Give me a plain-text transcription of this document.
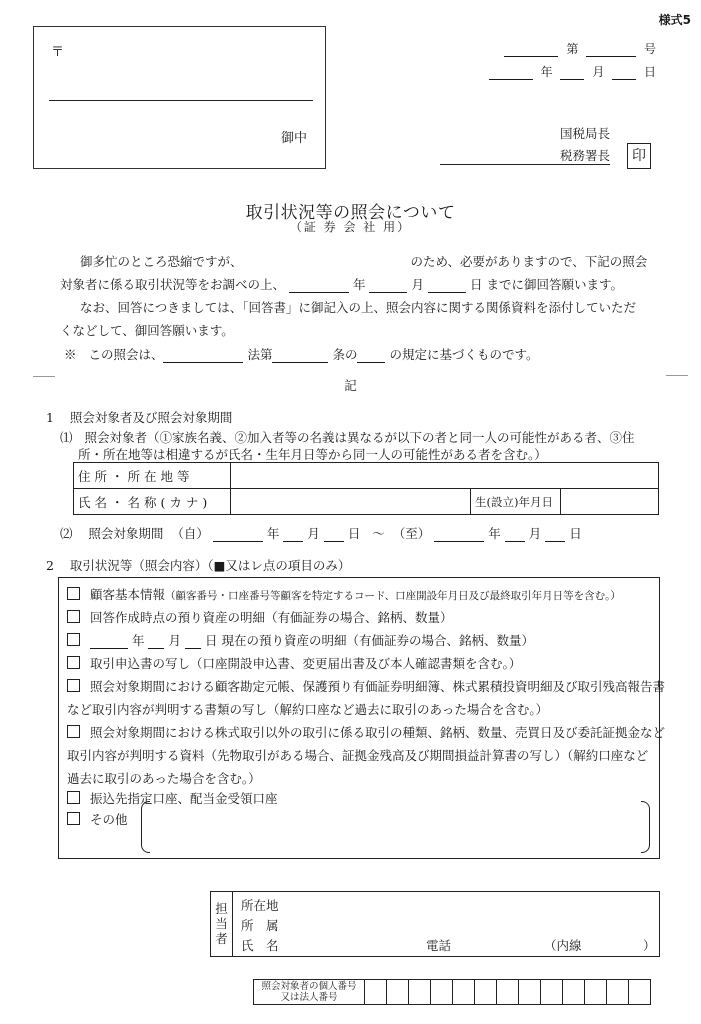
様式5
〒
御中
第	号
年	月	日
国税局長
税務署長	印
取引状況等の照会について
（証 券 会 社 用）
御多忙のところ恐縮ですが、	のため、必要がありますので、下記の照会
対象者に係る取引状況等をお調べの上、	年	月	日 までに御回答願います。
なお、回答につきましては、「回答書」に御記入の上、照会内容に関する関係資料を添付していただ
くなどして、御回答願います。
※ この照会は、	法第	条の	の規定に基づくものです。
記
1 照会対象者及び照会対象期間
⑴ 照会対象者（①家族名義、②加入者等の名義は異なるが以下の者と同一人の可能性がある者、③住
所・所在地等は相違するが氏名・生年月日等から同一人の可能性がある者を含む。）
住所・所在地等			
氏名・名称(カナ)		生(設立)年月日	
⑵ 照会対象期間 （自）	年 月 日 ～ （至）	年 月 日
2 取引状況等（照会内容）（■又はレ点の項目のみ）
顧客基本情報（顧客番号・口座番号等顧客を特定するコード、口座開設年月日及び最終取引年月日等を含む。）
回答作成時点の預り資産の明細（有価証券の場合、銘柄、数量）
年 月 日 現在の預り資産の明細（有価証券の場合、銘柄、数量）
取引申込書の写し（口座開設申込書、変更届出書及び本人確認書類を含む。）
照会対象期間における顧客勘定元帳、保護預り有価証券明細簿、株式累積投資明細及び取引残高報告書
など取引内容が判明する書類の写し（解約口座など過去に取引のあった場合を含む。）
照会対象期間における株式取引以外の取引に係る取引の種類、銘柄、数量、売買日及び委託証拠金など
取引内容が判明する資料（先物取引がある場合、証拠金残高及び期間損益計算書の写し）（解約口座など
過去に取引のあった場合を含む。）
振込先指定口座、配当金受領口座
その他
担
当
者
所在地
所　属
氏　名	電話	（内線	）
照会対象者の個人番号
又は法人番号
